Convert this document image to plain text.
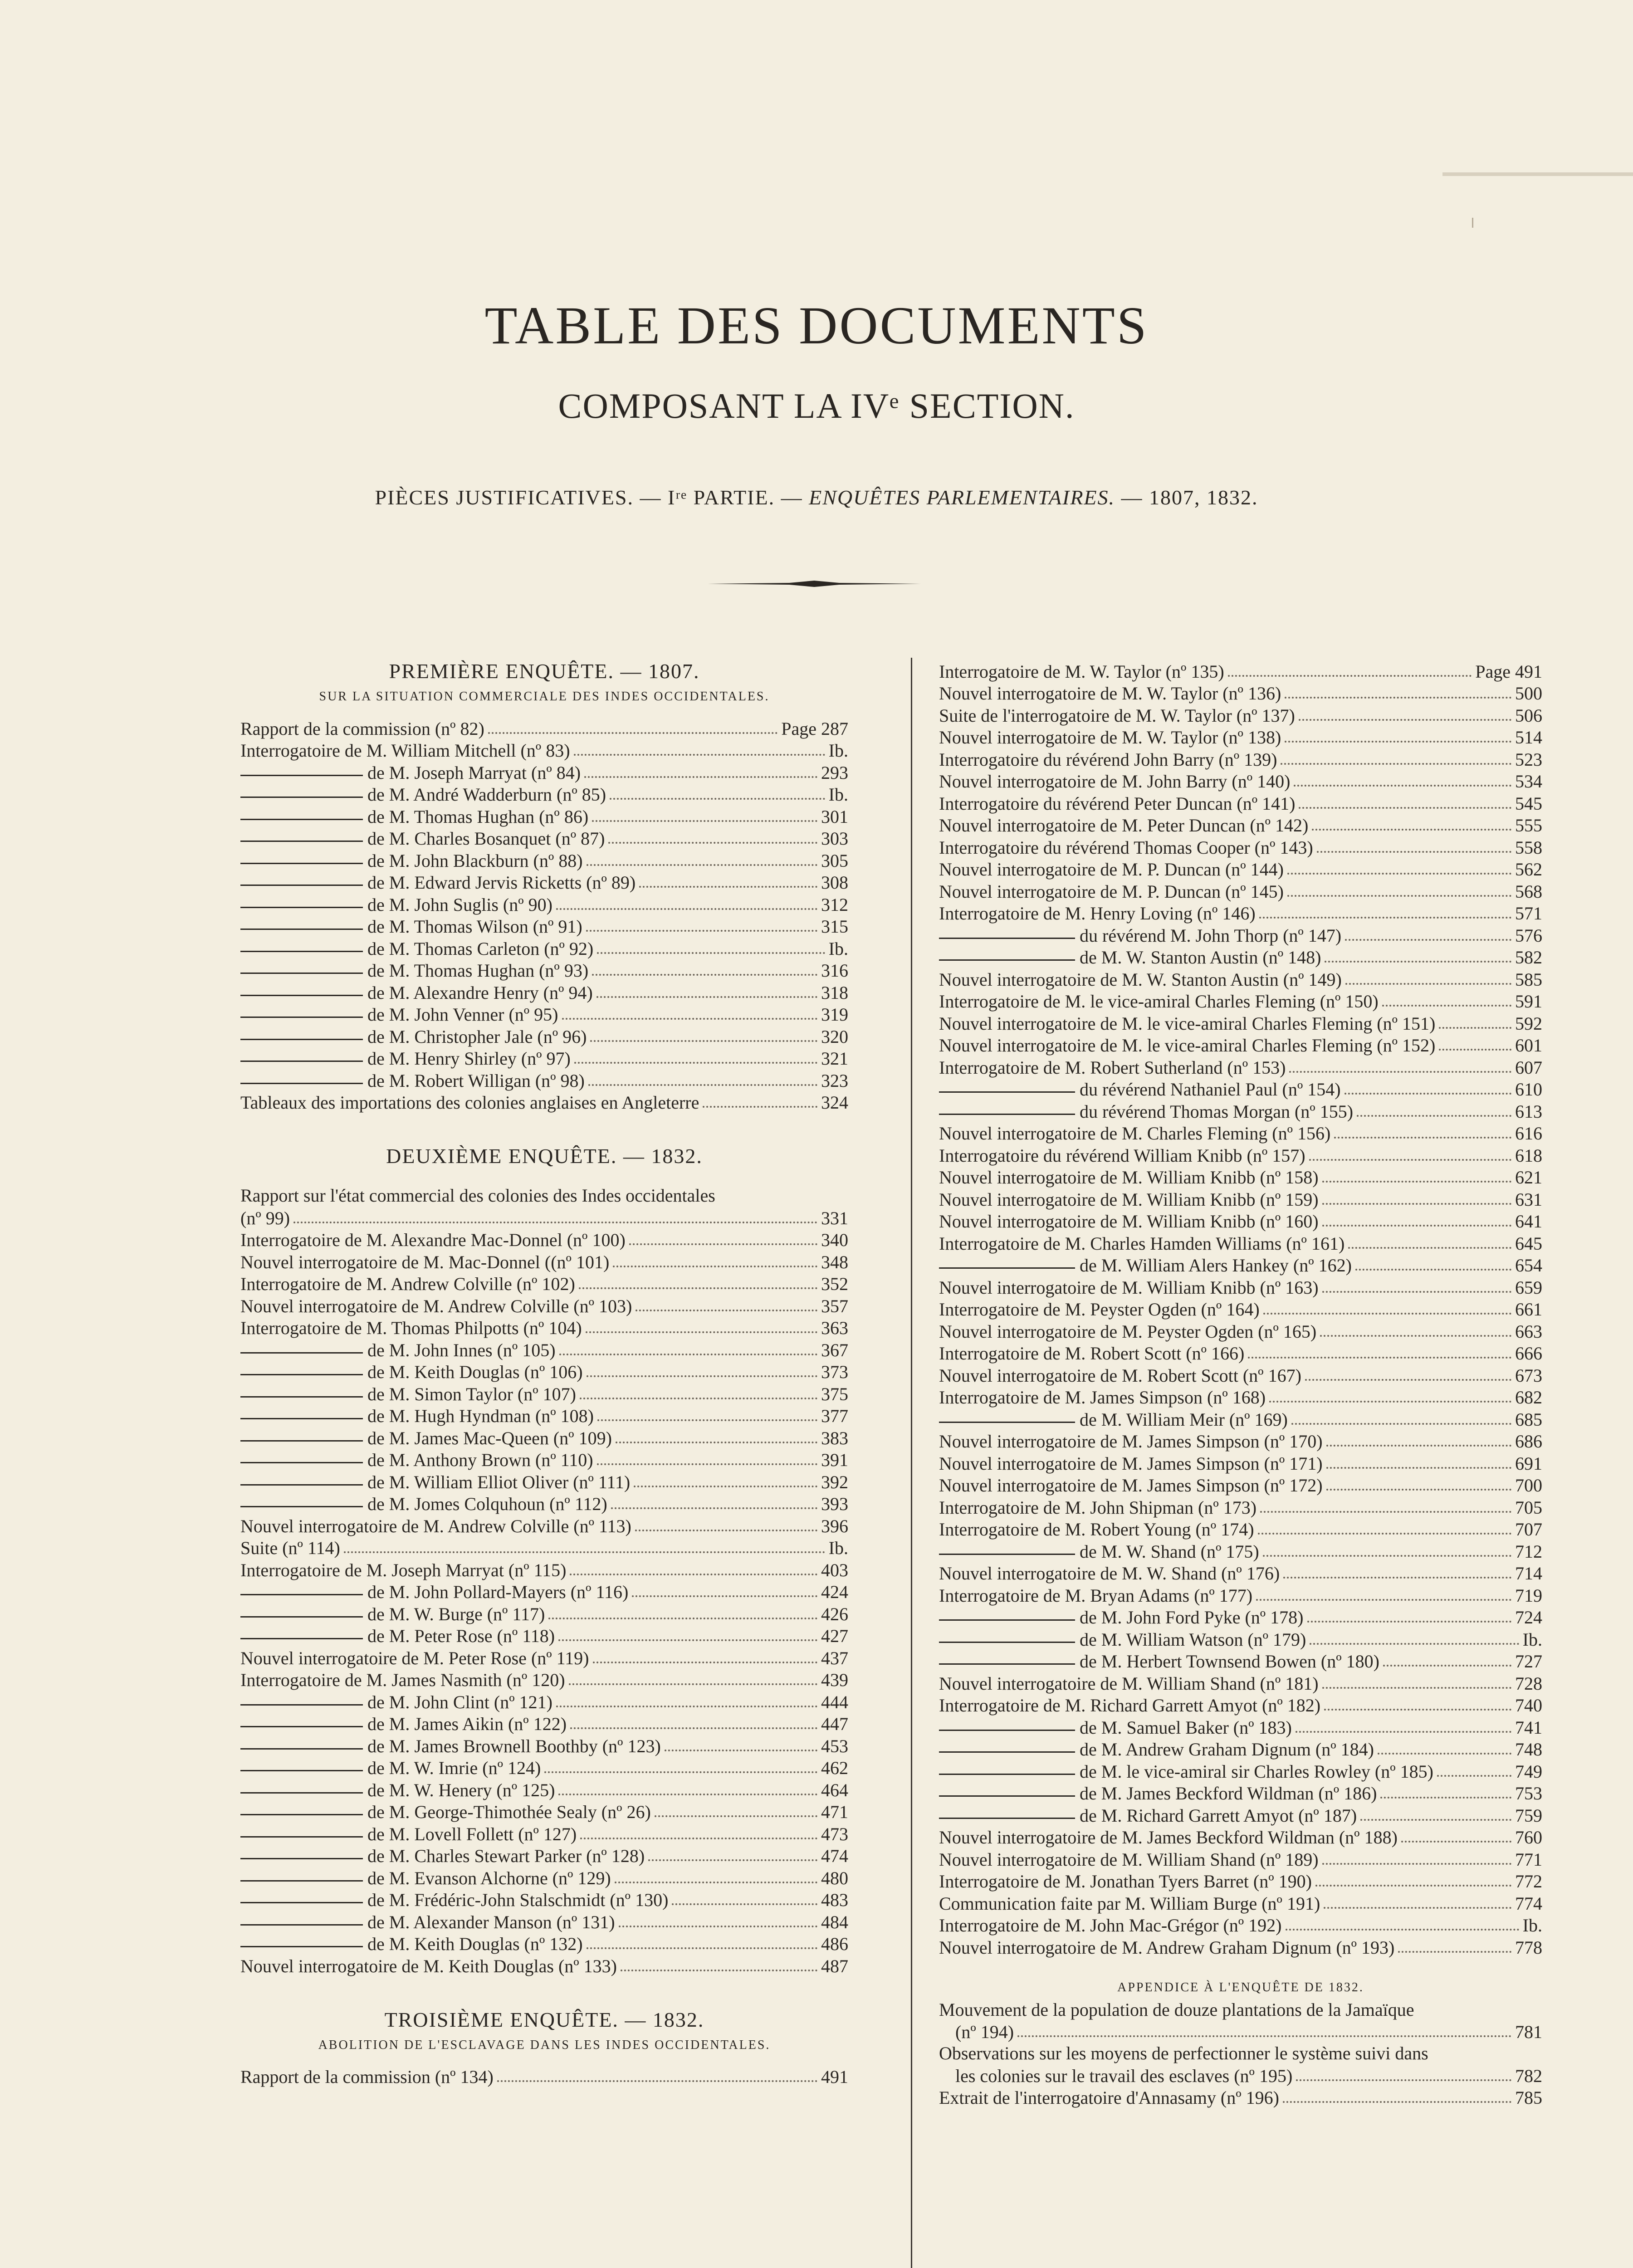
TABLE DES DOCUMENTS
COMPOSANT LA IVᵉ SECTION.
PIÈCES JUSTIFICATIVES. — Iʳᵉ PARTIE. — ENQUÊTES PARLEMENTAIRES. — 1807, 1832.
PREMIÈRE ENQUÊTE. — 1807.
SUR LA SITUATION COMMERCIALE DES INDES OCCIDENTALES.
Rapport de la commission (nº 82)	Page 287
Interrogatoire de M. William Mitchell (nº 83)	Ib.
de M. Joseph Marryat (nº 84)	293
de M. André Wadderburn (nº 85)	Ib.
de M. Thomas Hughan (nº 86)	301
de M. Charles Bosanquet (nº 87)	303
de M. John Blackburn (nº 88)	305
de M. Edward Jervis Ricketts (nº 89)	308
de M. John Suglis (nº 90)	312
de M. Thomas Wilson (nº 91)	315
de M. Thomas Carleton (nº 92)	Ib.
de M. Thomas Hughan (nº 93)	316
de M. Alexandre Henry (nº 94)	318
de M. John Venner (nº 95)	319
de M. Christopher Jale (nº 96)	320
de M. Henry Shirley (nº 97)	321
de M. Robert Willigan (nº 98)	323
Tableaux des importations des colonies anglaises en Angleterre	324
DEUXIÈME ENQUÊTE. — 1832.
Rapport sur l'état commercial des colonies des Indes occidentales
(nº 99)	331
Interrogatoire de M. Alexandre Mac-Donnel (nº 100)	340
Nouvel interrogatoire de M. Mac-Donnel ((nº 101)	348
Interrogatoire de M. Andrew Colville (nº 102)	352
Nouvel interrogatoire de M. Andrew Colville (nº 103)	357
Interrogatoire de M. Thomas Philpotts (nº 104)	363
de M. John Innes (nº 105)	367
de M. Keith Douglas (nº 106)	373
de M. Simon Taylor (nº 107)	375
de M. Hugh Hyndman (nº 108)	377
de M. James Mac-Queen (nº 109)	383
de M. Anthony Brown (nº 110)	391
de M. William Elliot Oliver (nº 111)	392
de M. Jomes Colquhoun (nº 112)	393
Nouvel interrogatoire de M. Andrew Colville (nº 113)	396
Suite (nº 114)	Ib.
Interrogatoire de M. Joseph Marryat (nº 115)	403
de M. John Pollard-Mayers (nº 116)	424
de M. W. Burge (nº 117)	426
de M. Peter Rose (nº 118)	427
Nouvel interrogatoire de M. Peter Rose (nº 119)	437
Interrogatoire de M. James Nasmith (nº 120)	439
de M. John Clint (nº 121)	444
de M. James Aikin (nº 122)	447
de M. James Brownell Boothby (nº 123)	453
de M. W. Imrie (nº 124)	462
de M. W. Henery (nº 125)	464
de M. George-Thimothée Sealy (nº 26)	471
de M. Lovell Follett (nº 127)	473
de M. Charles Stewart Parker (nº 128)	474
de M. Evanson Alchorne (nº 129)	480
de M. Frédéric-John Stalschmidt (nº 130)	483
de M. Alexander Manson (nº 131)	484
de M. Keith Douglas (nº 132)	486
Nouvel interrogatoire de M. Keith Douglas (nº 133)	487
TROISIÈME ENQUÊTE. — 1832.
ABOLITION DE L'ESCLAVAGE DANS LES INDES OCCIDENTALES.
Rapport de la commission (nº 134)	491
Interrogatoire de M. W. Taylor (nº 135)	Page 491
Nouvel interrogatoire de M. W. Taylor (nº 136)	500
Suite de l'interrogatoire de M. W. Taylor (nº 137)	506
Nouvel interrogatoire de M. W. Taylor (nº 138)	514
Interrogatoire du révérend John Barry (nº 139)	523
Nouvel interrogatoire de M. John Barry (nº 140)	534
Interrogatoire du révérend Peter Duncan (nº 141)	545
Nouvel interrogatoire de M. Peter Duncan (nº 142)	555
Interrogatoire du révérend Thomas Cooper (nº 143)	558
Nouvel interrogatoire de M. P. Duncan (nº 144)	562
Nouvel interrogatoire de M. P. Duncan (nº 145)	568
Interrogatoire de M. Henry Loving (nº 146)	571
du révérend M. John Thorp (nº 147)	576
de M. W. Stanton Austin (nº 148)	582
Nouvel interrogatoire de M. W. Stanton Austin (nº 149)	585
Interrogatoire de M. le vice-amiral Charles Fleming (nº 150)	591
Nouvel interrogatoire de M. le vice-amiral Charles Fleming (nº 151)	592
Nouvel interrogatoire de M. le vice-amiral Charles Fleming (nº 152)	601
Interrogatoire de M. Robert Sutherland (nº 153)	607
du révérend Nathaniel Paul (nº 154)	610
du révérend Thomas Morgan (nº 155)	613
Nouvel interrogatoire de M. Charles Fleming (nº 156)	616
Interrogatoire du révérend William Knibb (nº 157)	618
Nouvel interrogatoire de M. William Knibb (nº 158)	621
Nouvel interrogatoire de M. William Knibb (nº 159)	631
Nouvel interrogatoire de M. William Knibb (nº 160)	641
Interrogatoire de M. Charles Hamden Williams (nº 161)	645
de M. William Alers Hankey (nº 162)	654
Nouvel interrogatoire de M. William Knibb (nº 163)	659
Interrogatoire de M. Peyster Ogden (nº 164)	661
Nouvel interrogatoire de M. Peyster Ogden (nº 165)	663
Interrogatoire de M. Robert Scott (nº 166)	666
Nouvel interrogatoire de M. Robert Scott (nº 167)	673
Interrogatoire de M. James Simpson (nº 168)	682
de M. William Meir (nº 169)	685
Nouvel interrogatoire de M. James Simpson (nº 170)	686
Nouvel interrogatoire de M. James Simpson (nº 171)	691
Nouvel interrogatoire de M. James Simpson (nº 172)	700
Interrogatoire de M. John Shipman (nº 173)	705
Interrogatoire de M. Robert Young (nº 174)	707
de M. W. Shand (nº 175)	712
Nouvel interrogatoire de M. W. Shand (nº 176)	714
Interrogatoire de M. Bryan Adams (nº 177)	719
de M. John Ford Pyke (nº 178)	724
de M. William Watson (nº 179)	Ib.
de M. Herbert Townsend Bowen (nº 180)	727
Nouvel interrogatoire de M. William Shand (nº 181)	728
Interrogatoire de M. Richard Garrett Amyot (nº 182)	740
de M. Samuel Baker (nº 183)	741
de M. Andrew Graham Dignum (nº 184)	748
de M. le vice-amiral sir Charles Rowley (nº 185)	749
de M. James Beckford Wildman (nº 186)	753
de M. Richard Garrett Amyot (nº 187)	759
Nouvel interrogatoire de M. James Beckford Wildman (nº 188)	760
Nouvel interrogatoire de M. William Shand (nº 189)	771
Interrogatoire de M. Jonathan Tyers Barret (nº 190)	772
Communication faite par M. William Burge (nº 191)	774
Interrogatoire de M. John Mac-Grégor (nº 192)	Ib.
Nouvel interrogatoire de M. Andrew Graham Dignum (nº 193)	778
APPENDICE À L'ENQUÊTE DE 1832.
Mouvement de la population de douze plantations de la Jamaïque
(nº 194)	781
Observations sur les moyens de perfectionner le système suivi dans
les colonies sur le travail des esclaves (nº 195)	782
Extrait de l'interrogatoire d'Annasamy (nº 196)	785
